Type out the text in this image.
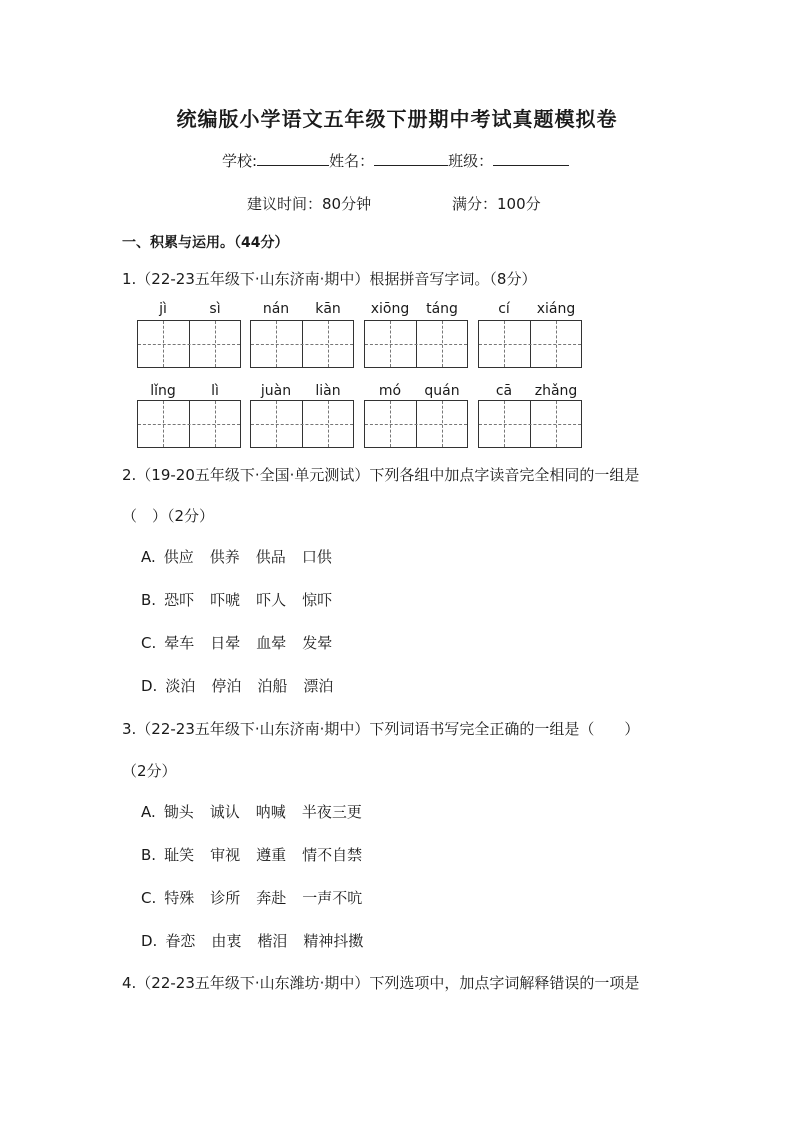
统编版小学语文五年级下册期中考试真题模拟卷
学校:	姓名：	班级：
建议时间：80分钟	满分：100分
一、积累与运用。（44分）
1.（22-23五年级下·山东济南·期中）根据拼音写字词。（8分）
jì	sì	nán	kān	xiōng	táng	cí	xiáng
lǐng	lì	juàn	liàn	mó	quán	cā	zhǎng
2.（19-20五年级下·全国·单元测试）下列各组中加点字读音完全相同的一组是
（　）（2分）
A. 供应 供养 供品 口供
B. 恐吓 吓唬 吓人 惊吓
C. 晕车 日晕 血晕 发晕
D. 淡泊 停泊 泊船 漂泊
3.（22-23五年级下·山东济南·期中）下列词语书写完全正确的一组是（　　）
（2分）
A. 锄头 诚认 呐喊 半夜三更
B. 耻笑 审视 遵重 情不自禁
C. 特殊 诊所 奔赴 一声不吭
D. 眷恋 由衷 楷泪 精神抖擞
4.（22-23五年级下·山东潍坊·期中）下列选项中，加点字词解释错误的一项是
